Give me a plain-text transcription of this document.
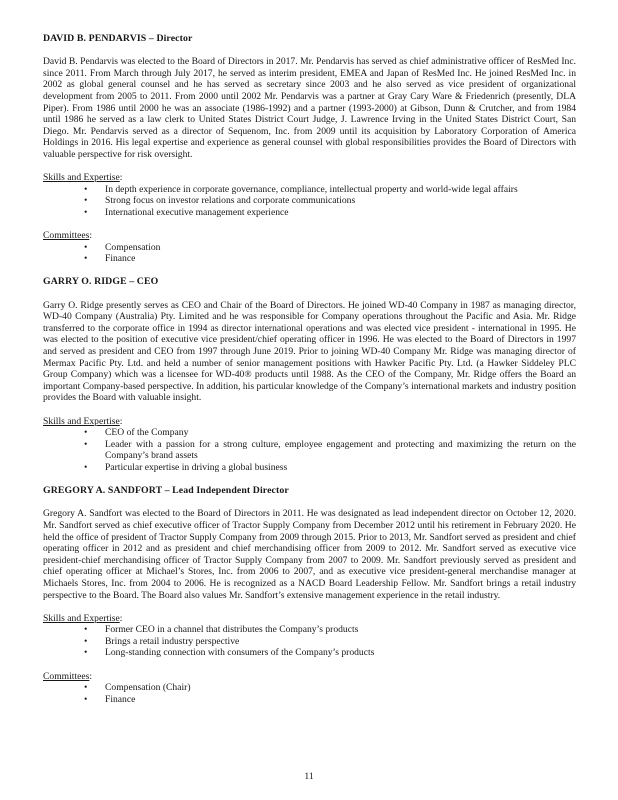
DAVID B. PENDARVIS – Director

David B. Pendarvis was elected to the Board of Directors in 2017. Mr. Pendarvis has served as chief administrative officer of ResMed Inc. since 2011. From March through July 2017, he served as interim president, EMEA and Japan of ResMed Inc. He joined ResMed Inc. in 2002 as global general counsel and he has served as secretary since 2003 and he also served as vice president of organizational development from 2005 to 2011. From 2000 until 2002 Mr. Pendarvis was a partner at Gray Cary Ware & Friedenrich (presently, DLA Piper). From 1986 until 2000 he was an associate (1986-1992) and a partner (1993-2000) at Gibson, Dunn & Crutcher, and from 1984 until 1986 he served as a law clerk to United States District Court Judge, J. Lawrence Irving in the United States District Court, San Diego. Mr. Pendarvis served as a director of Sequenom, Inc. from 2009 until its acquisition by Laboratory Corporation of America Holdings in 2016. His legal expertise and experience as general counsel with global responsibilities provides the Board of Directors with valuable perspective for risk oversight.

Skills and Expertise:
• In depth experience in corporate governance, compliance, intellectual property and world-wide legal affairs
• Strong focus on investor relations and corporate communications
• International executive management experience
Committees:
• Compensation
• Finance
GARRY O. RIDGE – CEO

Garry O. Ridge presently serves as CEO and Chair of the Board of Directors. He joined WD-40 Company in 1987 as managing director, WD-40 Company (Australia) Pty. Limited and he was responsible for Company operations throughout the Pacific and Asia. Mr. Ridge transferred to the corporate office in 1994 as director international operations and was elected vice president - international in 1995. He was elected to the position of executive vice president/chief operating officer in 1996. He was elected to the Board of Directors in 1997 and served as president and CEO from 1997 through June 2019. Prior to joining WD-40 Company Mr. Ridge was managing director of Mermax Pacific Pty. Ltd. and held a number of senior management positions with Hawker Pacific Pty. Ltd. (a Hawker Siddeley PLC Group Company) which was a licensee for WD-40® products until 1988. As the CEO of the Company, Mr. Ridge offers the Board an important Company-based perspective. In addition, his particular knowledge of the Company’s international markets and industry position provides the Board with valuable insight.

Skills and Expertise:
• CEO of the Company
• Leader with a passion for a strong culture, employee engagement and protecting and maximizing the return on the Company’s brand assets
• Particular expertise in driving a global business
GREGORY A. SANDFORT – Lead Independent Director

Gregory A. Sandfort was elected to the Board of Directors in 2011. He was designated as lead independent director on October 12, 2020. Mr. Sandfort served as chief executive officer of Tractor Supply Company from December 2012 until his retirement in February 2020. He held the office of president of Tractor Supply Company from 2009 through 2015. Prior to 2013, Mr. Sandfort served as president and chief operating officer in 2012 and as president and chief merchandising officer from 2009 to 2012. Mr. Sandfort served as executive vice president-chief merchandising officer of Tractor Supply Company from 2007 to 2009. Mr. Sandfort previously served as president and chief operating officer at Michael’s Stores, Inc. from 2006 to 2007, and as executive vice president-general merchandise manager at Michaels Stores, Inc. from 2004 to 2006. He is recognized as a NACD Board Leadership Fellow. Mr. Sandfort brings a retail industry perspective to the Board. The Board also values Mr. Sandfort’s extensive management experience in the retail industry.

Skills and Expertise:
• Former CEO in a channel that distributes the Company’s products
• Brings a retail industry perspective
• Long-standing connection with consumers of the Company’s products
Committees:
• Compensation (Chair)
• Finance
11
